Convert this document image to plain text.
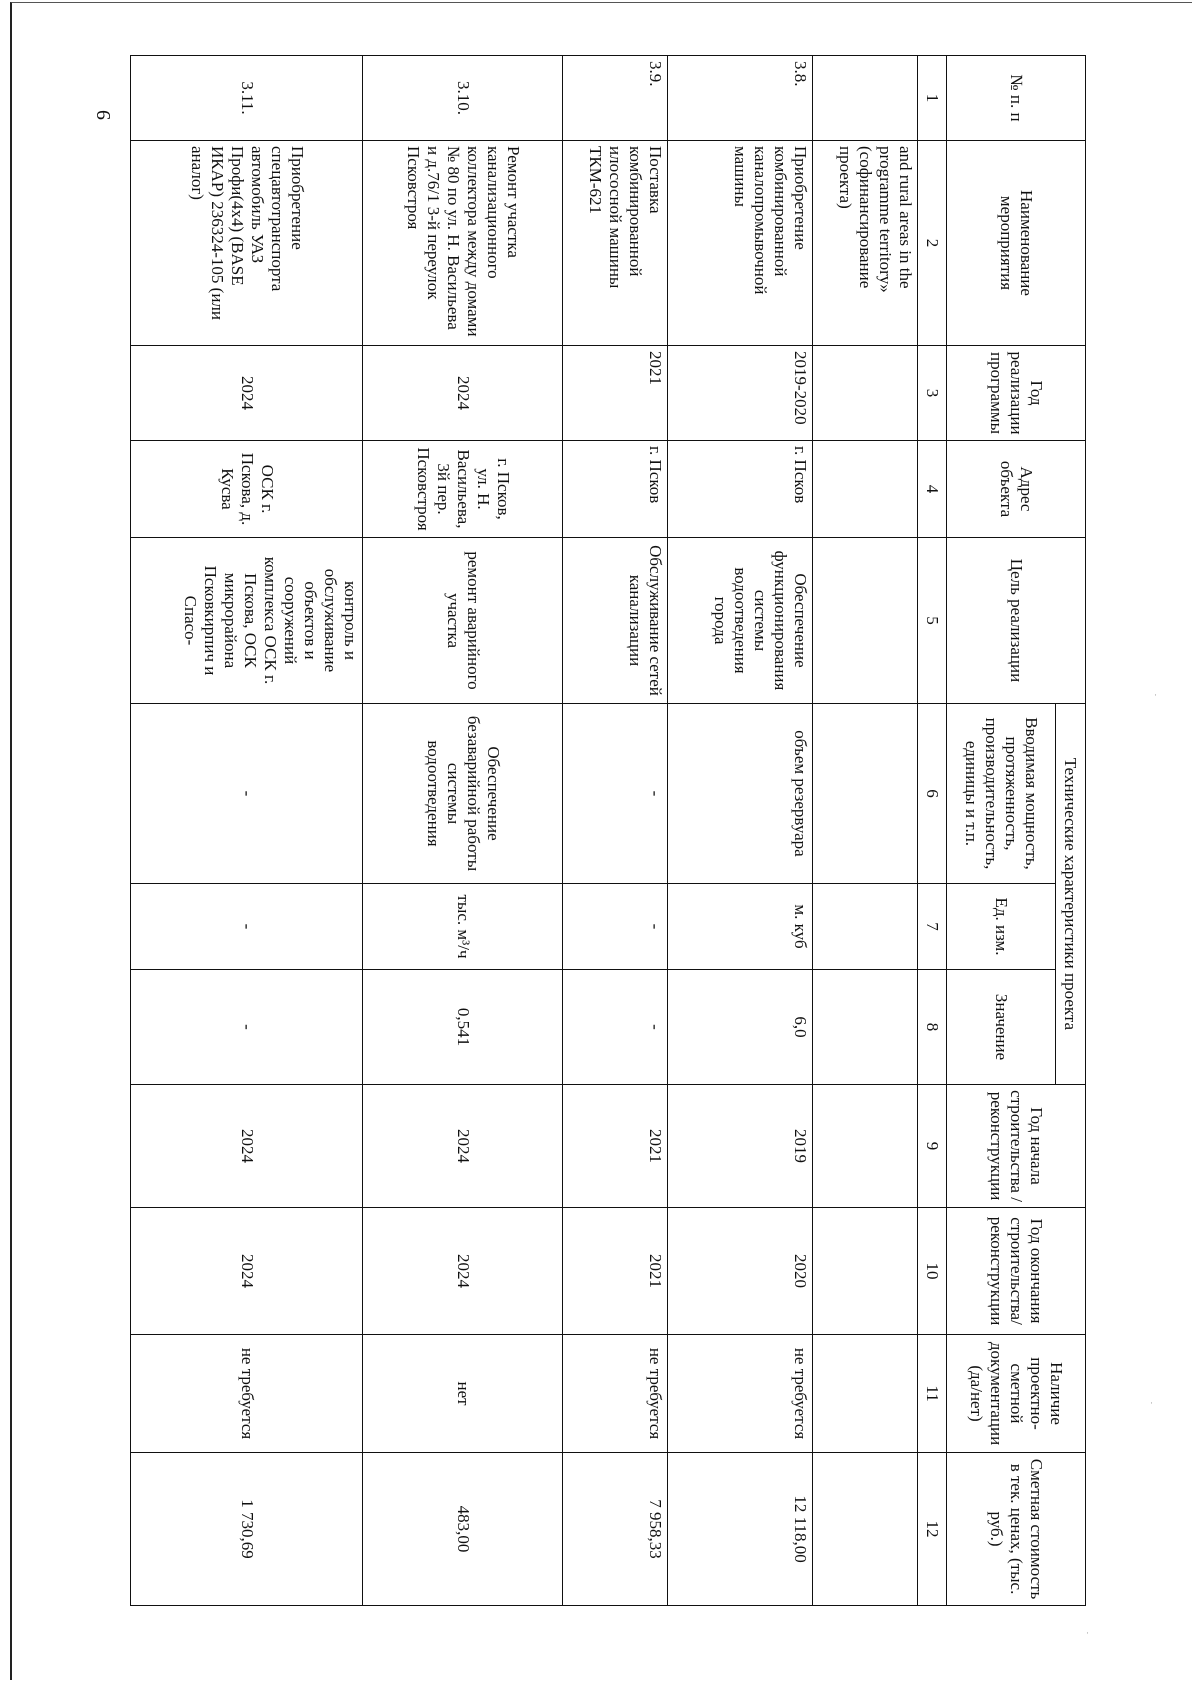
9	№ п. п	Наименование мероприятия	Год реализации программы	Адрес объекта	Цель реализации	Технические характеристики проекта			Год начала строительства /реконструкции	Год окончания строительства/реконструкции	Наличие проектно-сметной документации (да/нет)	Сметная стоимость в тек. ценах, (тыс. руб.)
					Вводимая мощность, протяженность, производительность, единицы и т.п.	Ед. изм.	Значение				
1	2	3	4	5	6	7	8	9	10	11	12
	and rural areas in the programme territory» (софинансирование проекта)										
3.8.	Приобретение комбинированной каналопромывочной машины	2019-2020	г. Псков	Обеспечение функционирования системы водоотведения города	объем резервуара	м. куб	6,0	2019	2020	не требуется	12 118,00
3.9.	Поставка комбинированной илососной машины ТКМ-621	2021	г. Псков	Обслуживание сетей канализации	-	-	-	2021	2021	не требуется	7 958,33
3.10.	Ремонт участка канализационного коллектора между домами № 80 по ул. Н. Васильева и д.76/1 3-й переулок Псковстроя	2024	г. Псков, ул. Н. Васильева, 3й пер. Псковстроя	ремонт аварийного участка	Обеспечение безаварийной работы системы водоотведения	тыс. м³/ч	0,541	2024	2024	нет	483,00
3.11.	Приобретение спецавтотранспорта автомобиль УАЗ Профи(4х4) (BASE ИКАР) 236324-105 (или аналог)	2024	ОСК г. Пскова, д. Кусва	контроль и обслуживание объектов и сооружений комплекса ОСК г. Пскова, ОСК микрорайона Псковкирпич и Спасо-	-	-	-	2024	2024	не требуется	1 730,69
·
·
·
